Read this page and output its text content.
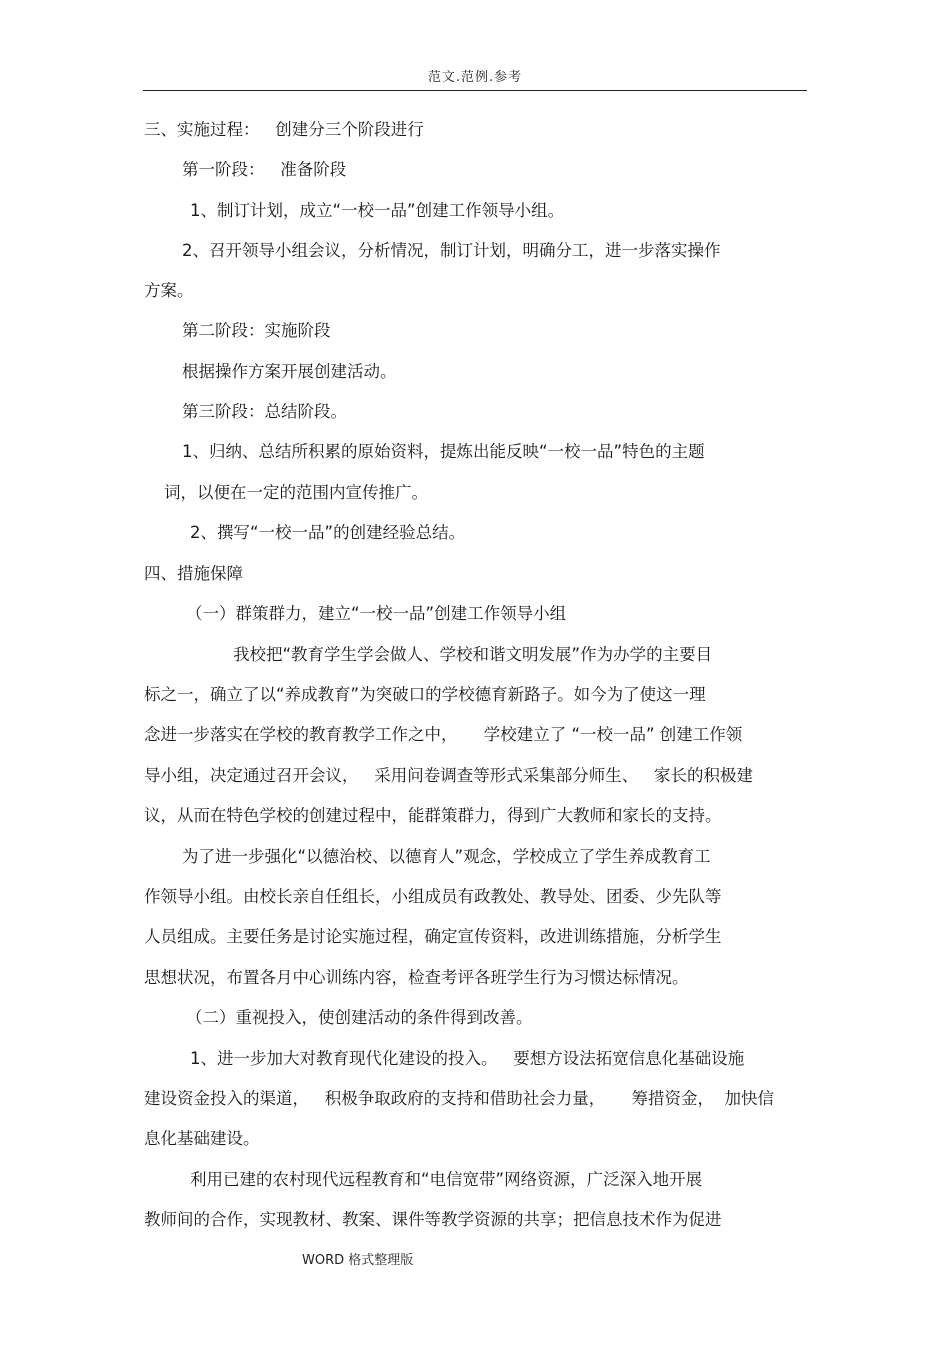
范文.范例.参考
三、实施过程：   创建分三个阶段进行
第一阶段：   准备阶段
1、制订计划，成立“一校一品”创建工作领导小组。
2、召开领导小组会议，分析情况，制订计划，明确分工，进一步落实操作
方案。
第二阶段：实施阶段
根据操作方案开展创建活动。
第三阶段：总结阶段。
1、归纳、总结所积累的原始资料，提炼出能反映“一校一品”特色的主题
词，以便在一定的范围内宣传推广。
2、撰写“一校一品”的创建经验总结。
四、措施保障
（一）群策群力，建立“一校一品”创建工作领导小组
我校把“教育学生学会做人、学校和谐文明发展”作为办学的主要目
标之一，确立了以“养成教育”为突破口的学校德育新路子。如今为了使这一理
念进一步落实在学校的教育教学工作之中，     学校建立了 “一校一品” 创建工作领
导小组，决定通过召开会议，   采用问卷调查等形式采集部分师生、   家长的积极建
议，从而在特色学校的创建过程中，能群策群力，得到广大教师和家长的支持。
为了进一步强化“以德治校、以德育人”观念，学校成立了学生养成教育工
作领导小组。由校长亲自任组长，小组成员有政教处、教导处、团委、少先队等
人员组成。主要任务是讨论实施过程，确定宣传资料，改进训练措施，分析学生
思想状况，布置各月中心训练内容，检查考评各班学生行为习惯达标情况。
（二）重视投入，使创建活动的条件得到改善。
1、进一步加大对教育现代化建设的投入。   要想方设法拓宽信息化基础设施
建设资金投入的渠道，   积极争取政府的支持和借助社会力量，     筹措资金，  加快信
息化基础建设。
利用已建的农村现代远程教育和“电信宽带”网络资源，广泛深入地开展
教师间的合作，实现教材、教案、课件等教学资源的共享；把信息技术作为促进
WORD 格式整理版
